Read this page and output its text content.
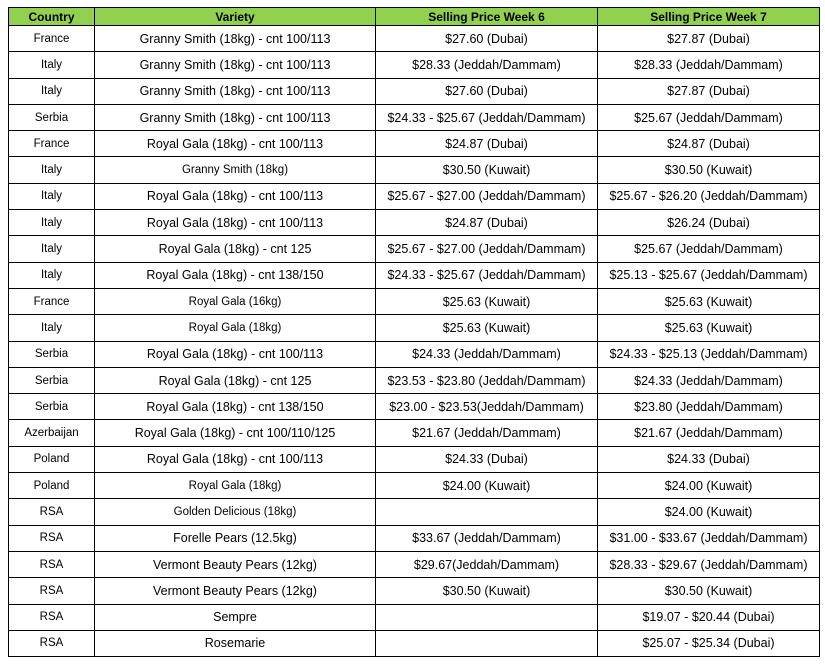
Country	Variety	Selling Price Week 6	Selling Price Week 7
France	Granny Smith (18kg) - cnt 100/113	$27.60 (Dubai)	$27.87 (Dubai)
Italy	Granny Smith (18kg) - cnt 100/113	$28.33 (Jeddah/Dammam)	$28.33 (Jeddah/Dammam)
Italy	Granny Smith (18kg) - cnt 100/113	$27.60 (Dubai)	$27.87 (Dubai)
Serbia	Granny Smith (18kg) - cnt 100/113	$24.33 - $25.67 (Jeddah/Dammam)	$25.67 (Jeddah/Dammam)
France	Royal Gala (18kg) - cnt 100/113	$24.87 (Dubai)	$24.87 (Dubai)
Italy	Granny Smith (18kg)	$30.50 (Kuwait)	$30.50 (Kuwait)
Italy	Royal Gala (18kg) - cnt 100/113	$25.67 - $27.00 (Jeddah/Dammam)	$25.67 - $26.20 (Jeddah/Dammam)
Italy	Royal Gala (18kg) - cnt 100/113	$24.87 (Dubai)	$26.24 (Dubai)
Italy	Royal Gala (18kg) - cnt 125	$25.67 - $27.00 (Jeddah/Dammam)	$25.67 (Jeddah/Dammam)
Italy	Royal Gala (18kg) - cnt 138/150	$24.33 - $25.67 (Jeddah/Dammam)	$25.13 - $25.67 (Jeddah/Dammam)
France	Royal Gala (16kg)	$25.63 (Kuwait)	$25.63 (Kuwait)
Italy	Royal Gala (18kg)	$25.63 (Kuwait)	$25.63 (Kuwait)
Serbia	Royal Gala (18kg) - cnt 100/113	$24.33 (Jeddah/Dammam)	$24.33 - $25.13 (Jeddah/Dammam)
Serbia	Royal Gala (18kg) - cnt 125	$23.53 - $23.80 (Jeddah/Dammam)	$24.33 (Jeddah/Dammam)
Serbia	Royal Gala (18kg) - cnt 138/150	$23.00 - $23.53(Jeddah/Dammam)	$23.80 (Jeddah/Dammam)
Azerbaijan	Royal Gala (18kg) - cnt 100/110/125	$21.67 (Jeddah/Dammam)	$21.67 (Jeddah/Dammam)
Poland	Royal Gala (18kg) - cnt 100/113	$24.33 (Dubai)	$24.33 (Dubai)
Poland	Royal Gala (18kg)	$24.00 (Kuwait)	$24.00 (Kuwait)
RSA	Golden Delicious (18kg)		$24.00 (Kuwait)
RSA	Forelle Pears (12.5kg)	$33.67 (Jeddah/Dammam)	$31.00 - $33.67 (Jeddah/Dammam)
RSA	Vermont Beauty Pears (12kg)	$29.67(Jeddah/Dammam)	$28.33 - $29.67 (Jeddah/Dammam)
RSA	Vermont Beauty Pears (12kg)	$30.50 (Kuwait)	$30.50 (Kuwait)
RSA	Sempre		$19.07 - $20.44 (Dubai)
RSA	Rosemarie		$25.07 - $25.34 (Dubai)
